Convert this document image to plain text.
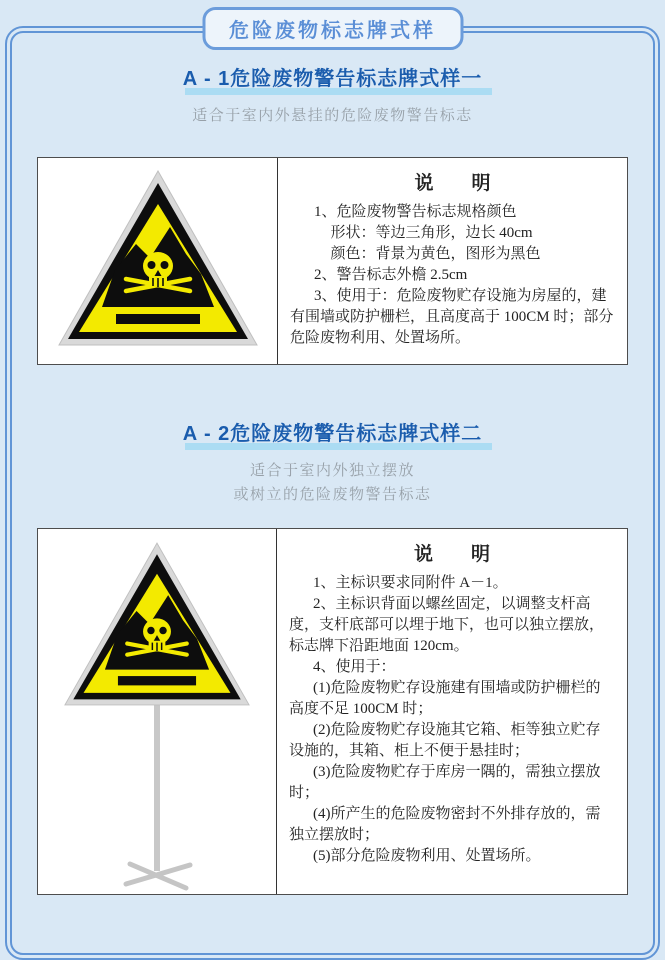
危险废物标志牌式样
A - 1危险废物警告标志牌式样一
适合于室内外悬挂的危险废物警告标志
说　　明

1、危险废物警告标志规格颜色

形状：等边三角形，边长 40cm

颜色：背景为黄色，图形为黑色

2、警告标志外檐 2.5cm

3、使用于：危险废物贮存设施为房屋的，建有围墙或防护栅栏，且高度高于 100CM 时；部分危险废物利用、处置场所。

A - 2危险废物警告标志牌式样二
适合于室内外独立摆放
或树立的危险废物警告标志
说　　明

1、主标识要求同附件 A－1。

2、主标识背面以螺丝固定，以调整支杆高度，支杆底部可以埋于地下，也可以独立摆放，标志牌下沿距地面 120cm。

4、使用于：

(1)危险废物贮存设施建有围墙或防护栅栏的高度不足 100CM 时；

(2)危险废物贮存设施其它箱、柜等独立贮存设施的，其箱、柜上不便于悬挂时；

(3)危险废物贮存于库房一隅的，需独立摆放时；

(4)所产生的危险废物密封不外排存放的，需独立摆放时；

(5)部分危险废物利用、处置场所。
